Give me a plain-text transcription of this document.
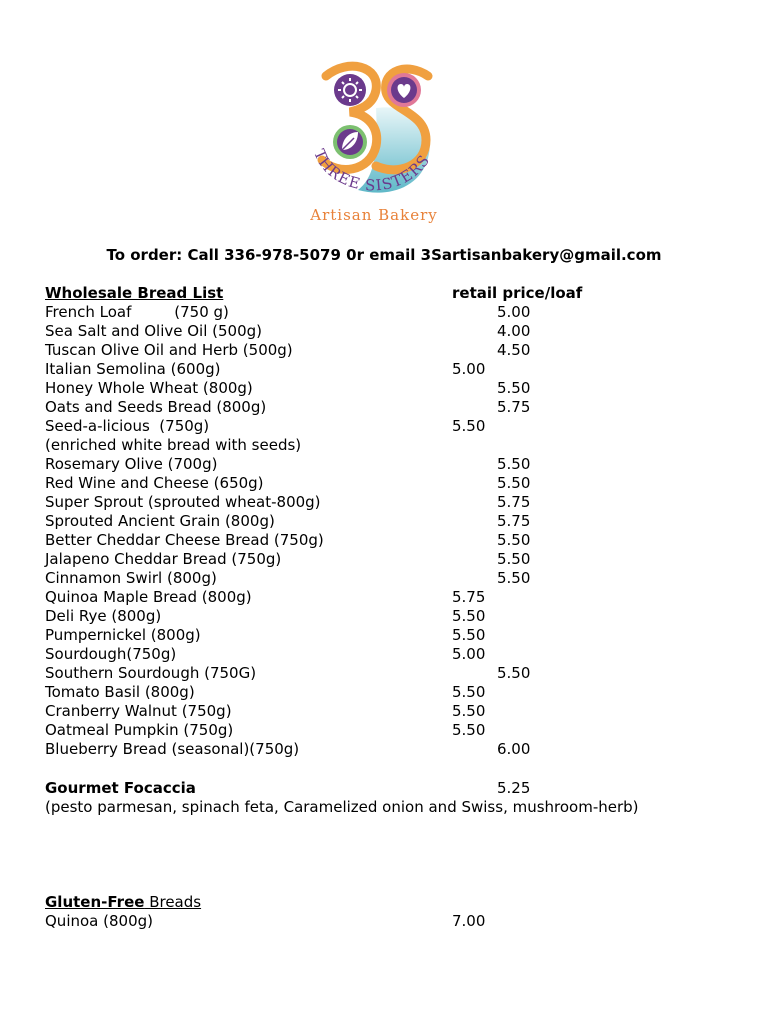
THREE SISTERS
Artisan Bakery
To order: Call 336-978-5079 0r email 3Sartisanbakery@gmail.com
Wholesale Bread List	retail price/loaf
French Loaf         (750 g)	5.00
Sea Salt and Olive Oil (500g)	4.00
Tuscan Olive Oil and Herb (500g)	4.50
Italian Semolina (600g)	5.00
Honey Whole Wheat (800g)	5.50
Oats and Seeds Bread (800g)	5.75
Seed-a-licious  (750g)	5.50
(enriched white bread with seeds)
Rosemary Olive (700g)	5.50
Red Wine and Cheese (650g)	5.50
Super Sprout (sprouted wheat-800g)	5.75
Sprouted Ancient Grain (800g)	5.75
Better Cheddar Cheese Bread (750g)	5.50
Jalapeno Cheddar Bread (750g)	5.50
Cinnamon Swirl (800g)	5.50
Quinoa Maple Bread (800g)	5.75
Deli Rye (800g)	5.50
Pumpernickel (800g)	5.50
Sourdough(750g)	5.00
Southern Sourdough (750G)	5.50
Tomato Basil (800g)	5.50
Cranberry Walnut (750g)	5.50
Oatmeal Pumpkin (750g)	5.50
Blueberry Bread (seasonal)(750g)	6.00
Gourmet Focaccia	5.25
(pesto parmesan, spinach feta, Caramelized onion and Swiss, mushroom-herb)
Gluten-Free Breads
Quinoa (800g)	7.00
